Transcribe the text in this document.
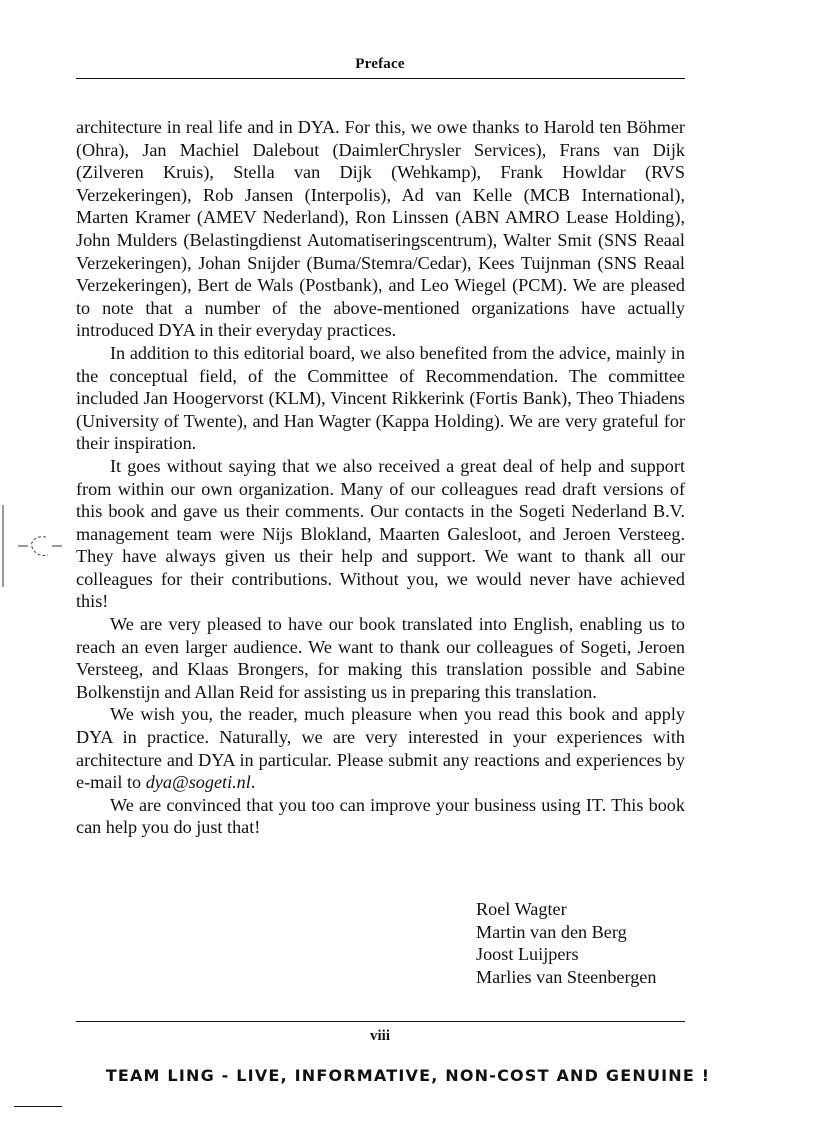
Preface

architecture in real life and in DYA. For this, we owe thanks to Harold ten Böhmer (Ohra), Jan Machiel Dalebout (DaimlerChrysler Services), Frans van Dijk (Zilveren Kruis), Stella van Dijk (Wehkamp), Frank Howldar (RVS Verzekeringen), Rob Jansen (Interpolis), Ad van Kelle (MCB International), Marten Kramer (AMEV Nederland), Ron Linssen (ABN AMRO Lease Holding), John Mulders (Belastingdienst Automatiseringscentrum), Walter Smit (SNS Reaal Verzekeringen), Johan Snijder (Buma/Stemra/Cedar), Kees Tuijnman (SNS Reaal Verzekeringen), Bert de Wals (Postbank), and Leo Wiegel (PCM). We are pleased to note that a number of the above-mentioned organizations have actually introduced DYA in their everyday practices.

In addition to this editorial board, we also benefited from the advice, mainly in the conceptual field, of the Committee of Recommendation. The committee included Jan Hoogervorst (KLM), Vincent Rikkerink (Fortis Bank), Theo Thiadens (University of Twente), and Han Wagter (Kappa Holding). We are very grateful for their inspiration.

It goes without saying that we also received a great deal of help and support from within our own organization. Many of our colleagues read draft versions of this book and gave us their comments. Our contacts in the Sogeti Nederland B.V. management team were Nijs Blokland, Maarten Galesloot, and Jeroen Versteeg. They have always given us their help and support. We want to thank all our colleagues for their contributions. Without you, we would never have achieved this!

We are very pleased to have our book translated into English, enabling us to reach an even larger audience. We want to thank our colleagues of Sogeti, Jeroen Versteeg, and Klaas Brongers, for making this translation possible and Sabine Bolkenstijn and Allan Reid for assisting us in preparing this translation.

We wish you, the reader, much pleasure when you read this book and apply DYA in practice. Naturally, we are very interested in your experiences with architecture and DYA in particular. Please submit any reactions and experiences by e-mail to dya@sogeti.nl.

We are convinced that you too can improve your business using IT. This book can help you do just that!

Roel Wagter
Martin van den Berg
Joost Luijpers
Marlies van Steenbergen
viii
TEAM LING - LIVE, INFORMATIVE, NON-COST AND GENUINE !
